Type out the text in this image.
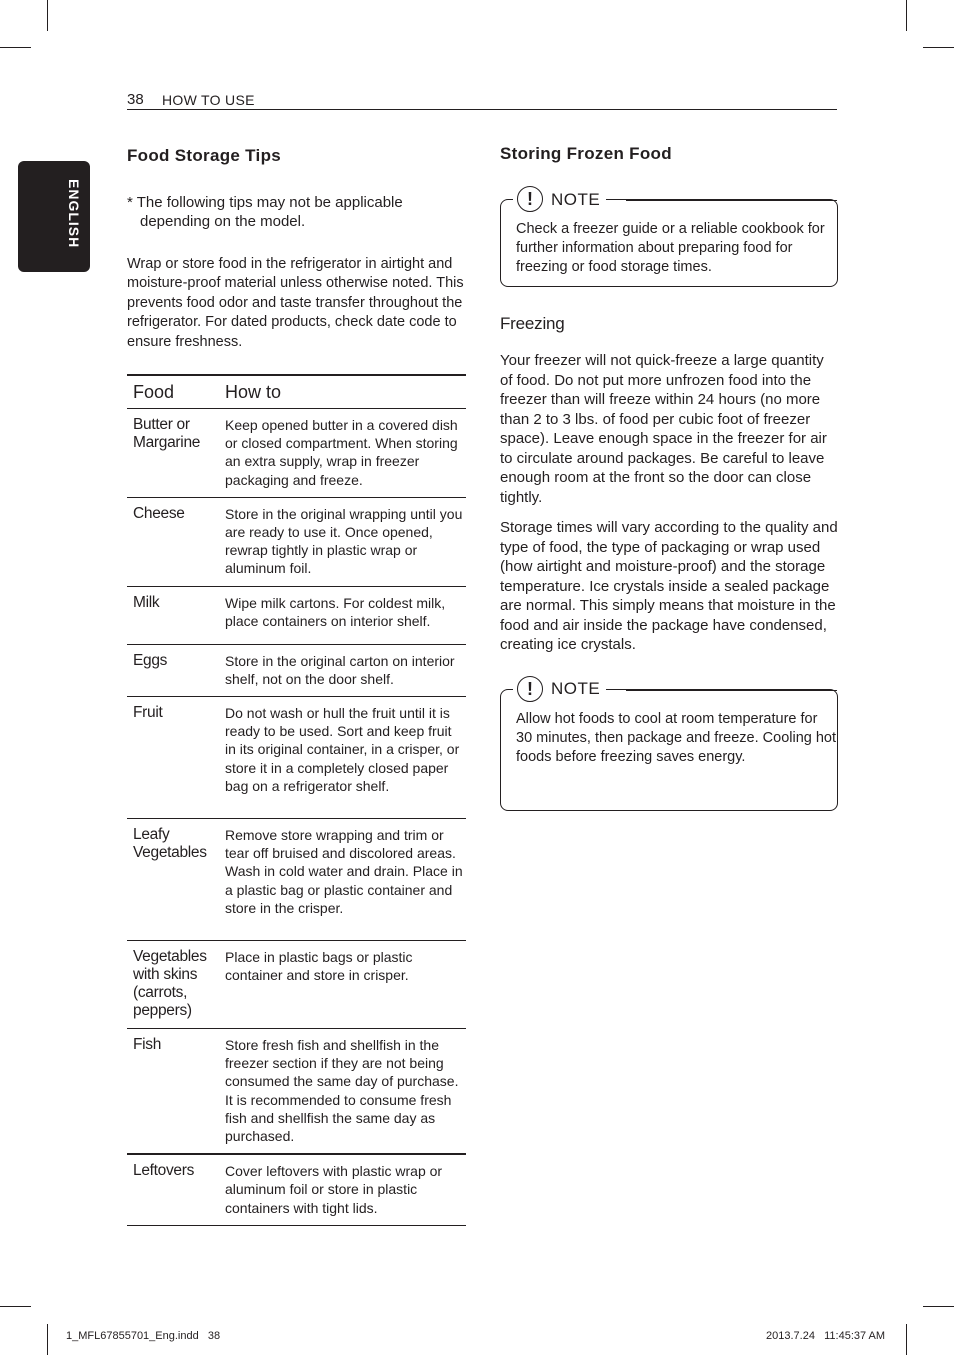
38 HOW TO USE
ENGLISH
Food Storage Tips

* The following tips may not be applicable depending on the model.

Wrap or store food in the refrigerator in airtight and moisture-proof material unless otherwise noted. This prevents food odor and taste transfer throughout the refrigerator. For dated products, check date code to ensure freshness.

Food	How to
Butter or Margarine	Keep opened butter in a covered dish or closed compartment. When storing an extra supply, wrap in freezer packaging and freeze.
Cheese	Store in the original wrapping until you are ready to use it. Once opened, rewrap tightly in plastic wrap or aluminum foil.
Milk	Wipe milk cartons. For coldest milk, place containers on interior shelf.
Eggs	Store in the original carton on interior shelf, not on the door shelf.
Fruit	Do not wash or hull the fruit until it is ready to be used. Sort and keep fruit in its original container, in a crisper, or store it in a completely closed paper bag on a refrigerator shelf.
Leafy Vegetables	Remove store wrapping and trim or tear off bruised and discolored areas. Wash in cold water and drain. Place in a plastic bag or plastic container and store in the crisper.
Vegetables with skins (carrots, peppers)	Place in plastic bags or plastic container and store in crisper.
Fish	Store fresh fish and shellfish in the freezer section if they are not being consumed the same day of purchase. It is recommended to consume fresh fish and shellfish the same day as purchased.
Leftovers	Cover leftovers with plastic wrap or aluminum foil or store in plastic containers with tight lids.
Storing Frozen Food
!	NOTE

Check a freezer guide or a reliable cookbook for further information about preparing food for freezing or food storage times.

Freezing

Your freezer will not quick-freeze a large quantity of food. Do not put more unfrozen food into the freezer than will freeze within 24 hours (no more than 2 to 3 lbs. of food per cubic foot of freezer space). Leave enough space in the freezer for air to circulate around packages. Be careful to leave enough room at the front so the door can close tightly.

Storage times will vary according to the quality and type of food, the type of packaging or wrap used (how airtight and moisture-proof) and the storage temperature. Ice crystals inside a sealed package are normal. This simply means that moisture in the food and air inside the package have condensed, creating ice crystals.

!	NOTE

Allow hot foods to cool at room temperature for 30 minutes, then package and freeze. Cooling hot foods before freezing saves energy.

1_MFL67855701_Eng.indd   38	2013.7.24   11:45:37 AM
